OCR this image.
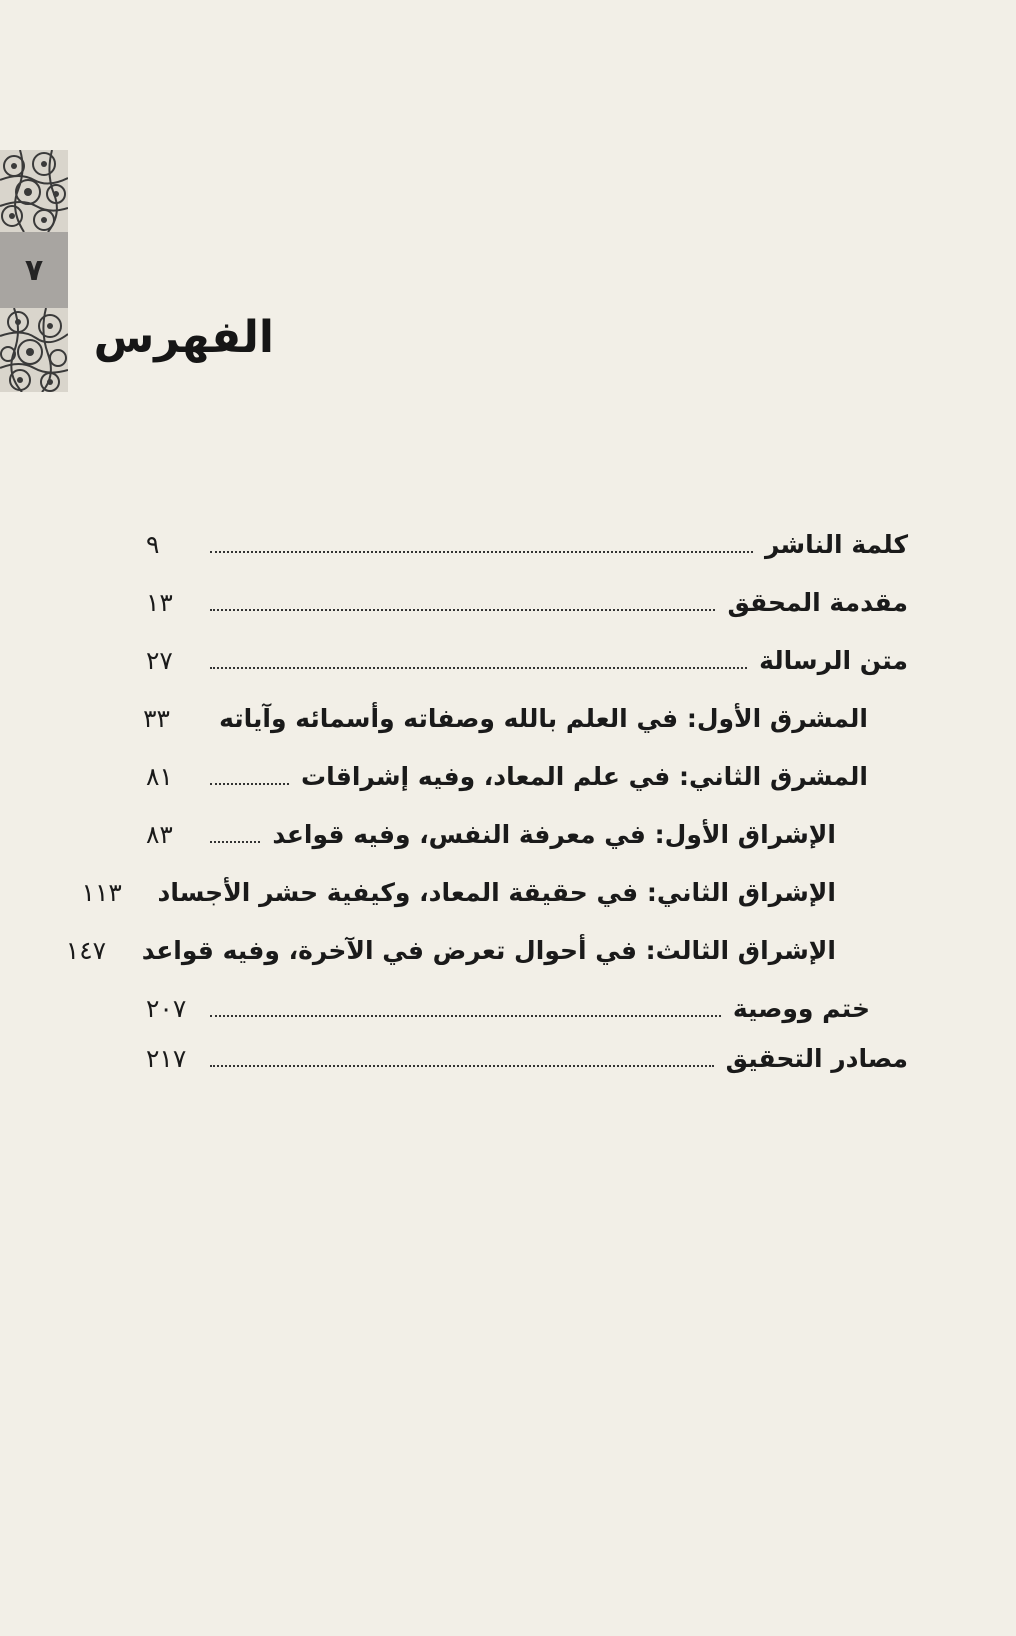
٧
الفهرس
كلمة الناشر
٩
مقدمة المحقق
١٣
متن الرسالة
٢٧
المشرق الأول: في العلم بالله وصفاته وأسمائه وآياته
٣٣
المشرق الثاني: في علم المعاد، وفيه إشراقات
٨١
الإشراق الأول: في معرفة النفس، وفيه قواعد
٨٣
الإشراق الثاني: في حقيقة المعاد، وكيفية حشر الأجساد
١١٣
الإشراق الثالث: في أحوال تعرض في الآخرة، وفيه قواعد
١٤٧
ختم ووصية
٢٠٧
مصادر التحقيق
٢١٧
